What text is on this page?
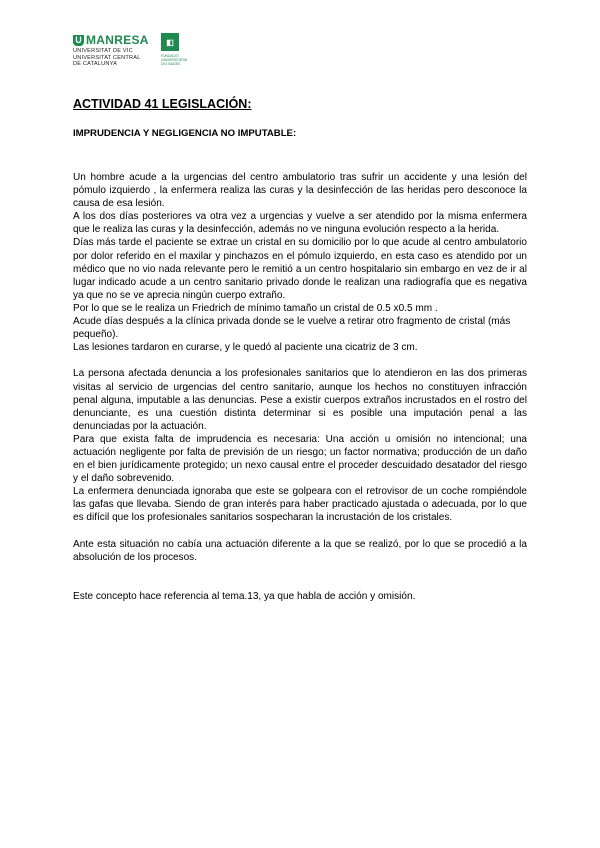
U MANRESA
UNIVERSITAT DE VIC
UNIVERSITAT CENTRAL
DE CATALUNYA
◧
FUNDACIÓ
UNIVERSITÀRIA
DEL BAGES
ACTIVIDAD 41 LEGISLACIÓN:
IMPRUDENCIA Y NEGLIGENCIA NO IMPUTABLE:

Un hombre acude a la urgencias del centro ambulatorio tras sufrir un accidente y una lesión del pómulo izquierdo , la enfermera realiza las curas y la desinfección de las heridas pero desconoce la causa de esa lesión.

A los dos días posteriores va otra vez a urgencias y vuelve a ser atendido por la misma enfermera que le realiza las curas y la desinfección, además no ve ninguna evolución respecto a la herida.

Días más tarde el paciente se extrae un cristal en su domicilio por lo que acude al centro ambulatorio por dolor referido en el maxilar y pinchazos en el pómulo izquierdo, en esta caso es atendido por un médico que no vio nada relevante pero le remitió a un centro hospitalario sin embargo en vez de ir al lugar indicado acude a un centro sanitario privado donde le realizan una radiografía que es negativa ya que no se ve aprecia ningún cuerpo extraño.

Por lo que se le realiza un Friedrich de mínimo tamaño un cristal de 0.5 x0.5 mm .

Acude días después a la clínica privada donde se le vuelve a retirar otro fragmento de cristal (más pequeño).

Las lesiones tardaron en curarse, y le quedó al paciente una cicatriz de 3 cm.

La persona afectada denuncia a los profesionales sanitarios que lo atendieron en las dos primeras visitas al servicio de urgencias del centro sanitario, aunque los hechos no constituyen infracción penal alguna, imputable a las denuncias. Pese a existir cuerpos extraños incrustados en el rostro del denunciante, es una cuestión distinta determinar si es posible una imputación penal a las denunciadas por la actuación.

Para que exista falta de imprudencia es necesaria: Una acción u omisión no intencional; una actuación negligente por falta de previsión de un riesgo; un factor normativa; producción de un daño en el bien jurídicamente protegido; un nexo causal entre el proceder descuidado desatador del riesgo y el daño sobrevenido.

La enfermera denunciada ignoraba que este se golpeara con el retrovisor de un coche rompiéndole las gafas que llevaba. Siendo de gran interés para haber practicado ajustada o adecuada, por lo que es difícil que los profesionales sanitarios sospecharan la incrustación de los cristales.

Ante esta situación no cabía una actuación diferente a la que se realizó, por lo que se procedió a la absolución de los procesos.

Este concepto hace referencia al tema.13, ya que habla de acción y omisión.
